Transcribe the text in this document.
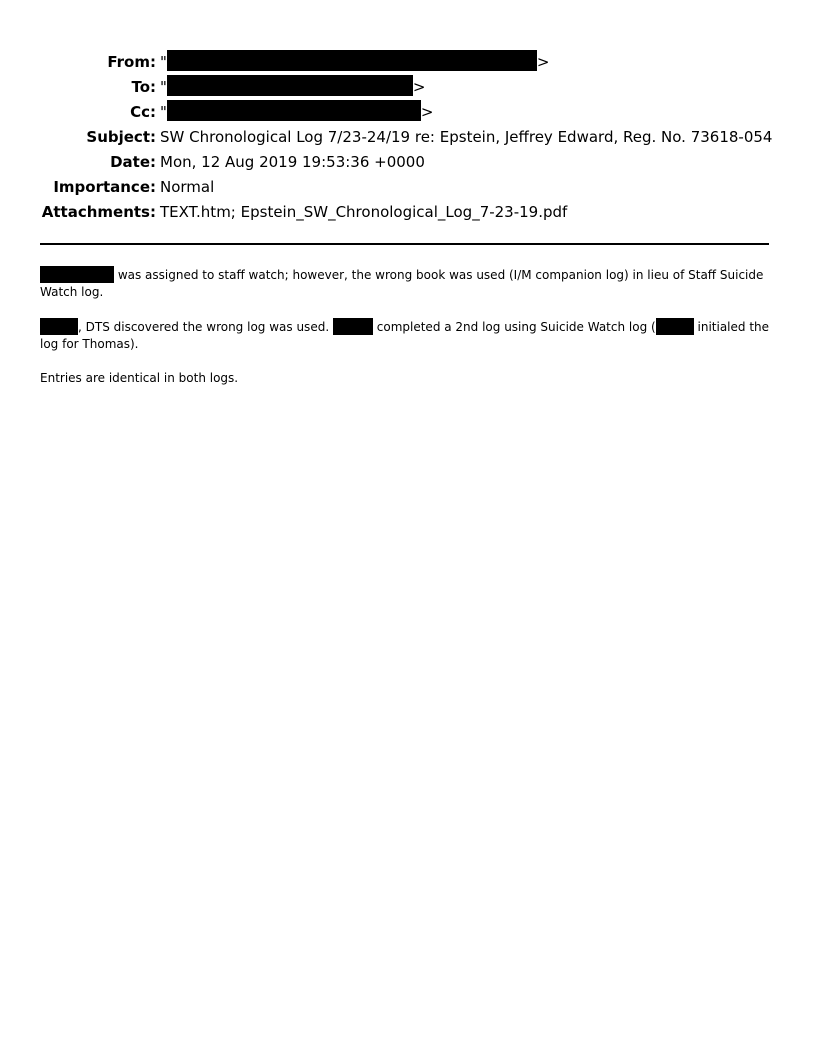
From: "	>
To: "	>
Cc: "	>
Subject: SW Chronological Log 7/23-24/19 re: Epstein, Jeffrey Edward, Reg. No. 73618-054
Date: Mon, 12 Aug 2019 19:53:36 +0000
Importance: Normal
Attachments: TEXT.htm; Epstein_SW_Chronological_Log_7-23-19.pdf

was assigned to staff watch; however, the wrong book was used (I/M companion log) in lieu of Staff Suicide Watch log.

, DTS discovered the wrong log was used.	completed a 2nd log using Suicide Watch log (	initialed the log for Thomas).

Entries are identical in both logs.
